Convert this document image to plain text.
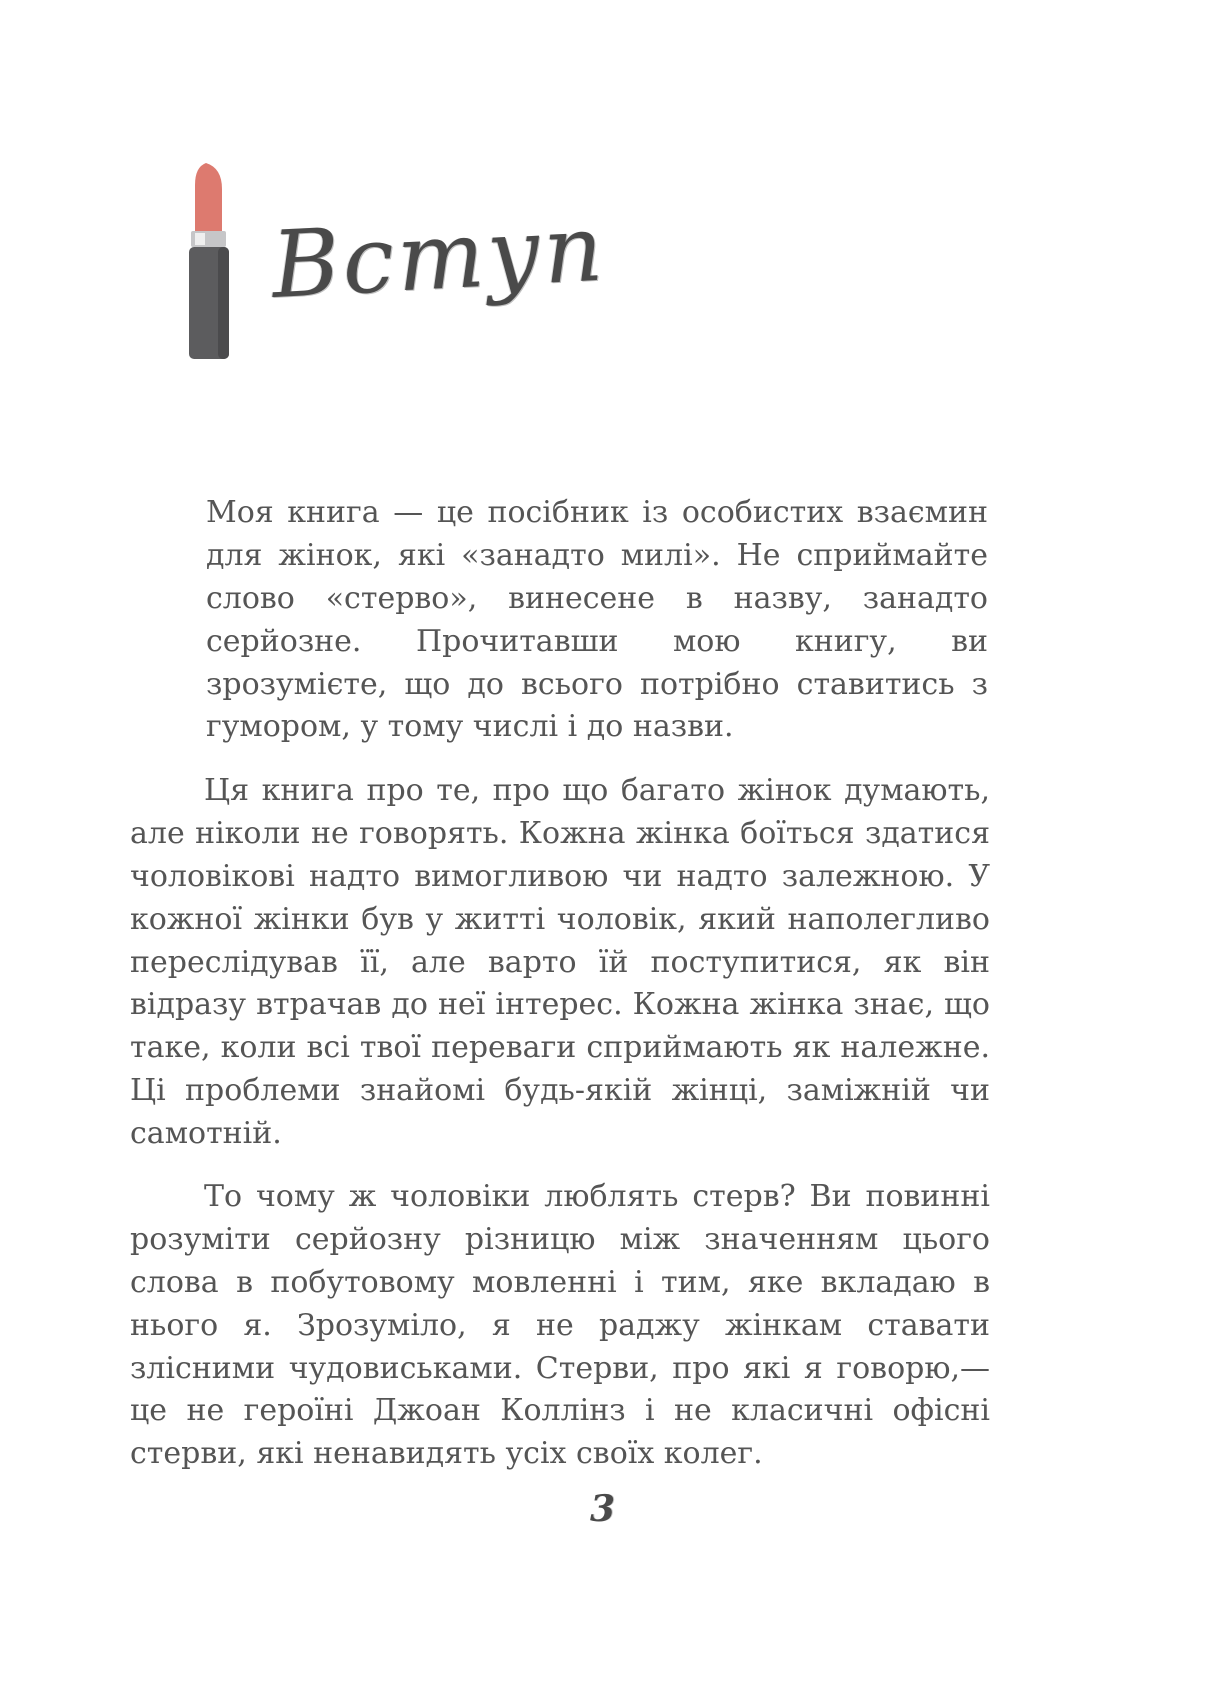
Вступ
Моя книга — це посібник із особистих взаємин для жінок, які «занадто милі». Не сприймайте слово «стерво», винесене в назву, занадто серйозне. Прочитавши мою книгу, ви зрозумієте, що до всього потрібно ставитись з гумором, у тому числі і до назви.

Ця книга про те, про що багато жінок думають, але ніколи не говорять. Кожна жінка боїться здатися чоловікові надто вимогливою чи надто залежною. У кожної жінки був у житті чоловік, який наполегливо переслідував її, але варто їй поступитися, як він відразу втрачав до неї інтерес. Кожна жінка знає, що таке, коли всі твої переваги сприймають як належне. Ці проблеми знайомі будь-якій жінці, заміжній чи самотній.

То чому ж чоловіки люблять стерв? Ви повинні розуміти серйозну різницю між значенням цього слова в побутовому мовленні і тим, яке вкладаю в нього я. Зрозуміло, я не раджу жінкам ставати злісними чудовиськами. Стерви, про які я говорю,— це не героїні Джоан Коллінз і не класичні офісні стерви, які ненавидять усіх своїх колег.

3
